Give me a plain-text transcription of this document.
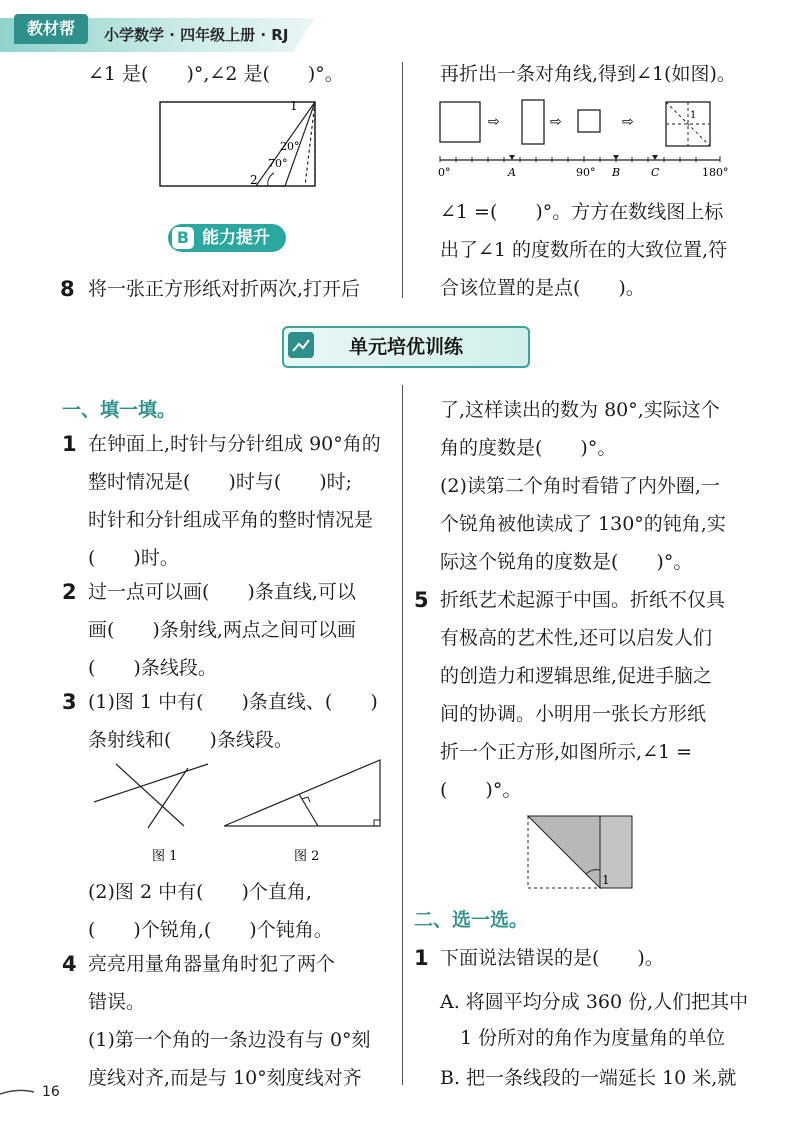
教材帮	小学数学 · 四年级上册 · RJ
∠1 是(　　)°,∠2 是(　　)°。
1
2
20°
70°
B 能力提升
8 将一张正方形纸对折两次,打开后
再折出一条对角线,得到∠1(如图)。
⇨	⇨	⇨	1
0°	A	90° B	C	180°
∠1 =(　　)°。方方在数线图上标
出了∠1 的度数所在的大致位置,符
合该位置的是点(　　)。
单元培优训练
一、填一填。
1 在钟面上,时针与分针组成 90°角的
整时情况是(　　)时与(　　)时;
时针和分针组成平角的整时情况是
(　　)时。
2 过一点可以画(　　)条直线,可以
画(　　)条射线,两点之间可以画
(　　)条线段。
3 (1)图 1 中有(　　)条直线、(　　)
条射线和(　　)条线段。
图 1	图 2
(2)图 2 中有(　　)个直角,
(　　)个锐角,(　　)个钝角。
4 亮亮用量角器量角时犯了两个
错误。
(1)第一个角的一条边没有与 0°刻
度线对齐,而是与 10°刻度线对齐
了,这样读出的数为 80°,实际这个
角的度数是(　　)°。
(2)读第二个角时看错了内外圈,一
个锐角被他读成了 130°的钝角,实
际这个锐角的度数是(　　)°。
5 折纸艺术起源于中国。折纸不仅具
有极高的艺术性,还可以启发人们
的创造力和逻辑思维,促进手脑之
间的协调。小明用一张长方形纸
折一个正方形,如图所示,∠1 =
(　　)°。
1
二、选一选。
1 下面说法错误的是(　　)。
A. 将圆平均分成 360 份,人们把其中
1 份所对的角作为度量角的单位
B. 把一条线段的一端延长 10 米,就
16
